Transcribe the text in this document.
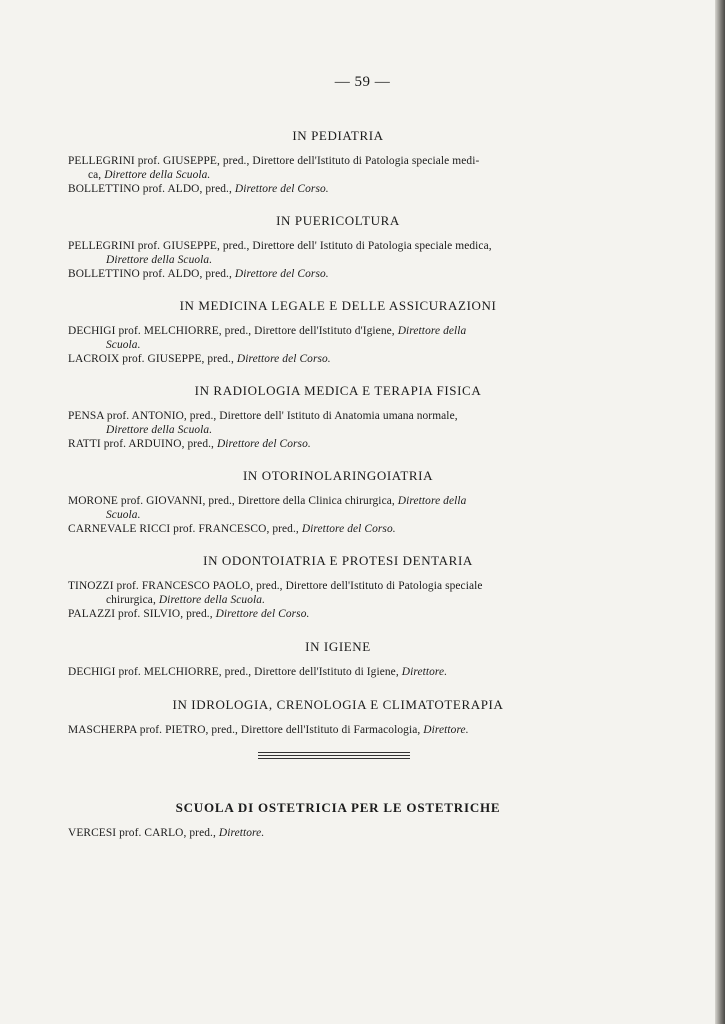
— 59 —
IN PEDIATRIA
PELLEGRINI prof. GIUSEPPE, pred., Direttore dell'Istituto di Patologia speciale medi-
ca, Direttore della Scuola.
BOLLETTINO prof. ALDO, pred., Direttore del Corso.
IN PUERICOLTURA
PELLEGRINI prof. GIUSEPPE, pred., Direttore dell' Istituto di Patologia speciale medica,
Direttore della Scuola.
BOLLETTINO prof. ALDO, pred., Direttore del Corso.
IN MEDICINA LEGALE E DELLE ASSICURAZIONI
DECHIGI prof. MELCHIORRE, pred., Direttore dell'Istituto d'Igiene, Direttore della
Scuola.
LACROIX prof. GIUSEPPE, pred., Direttore del Corso.
IN RADIOLOGIA MEDICA E TERAPIA FISICA
PENSA prof. ANTONIO, pred., Direttore dell' Istituto di Anatomia umana normale,
Direttore della Scuola.
RATTI prof. ARDUINO, pred., Direttore del Corso.
IN OTORINOLARINGOIATRIA
MORONE prof. GIOVANNI, pred., Direttore della Clinica chirurgica, Direttore della
Scuola.
CARNEVALE RICCI prof. FRANCESCO, pred., Direttore del Corso.
IN ODONTOIATRIA E PROTESI DENTARIA
TINOZZI prof. FRANCESCO PAOLO, pred., Direttore dell'Istituto di Patologia speciale
chirurgica, Direttore della Scuola.
PALAZZI prof. SILVIO, pred., Direttore del Corso.
IN IGIENE
DECHIGI prof. MELCHIORRE, pred., Direttore dell'Istituto di Igiene, Direttore.
IN IDROLOGIA, CRENOLOGIA E CLIMATOTERAPIA
MASCHERPA prof. PIETRO, pred., Direttore dell'Istituto di Farmacologia, Direttore.
SCUOLA DI OSTETRICIA PER LE OSTETRICHE
VERCESI prof. CARLO, pred., Direttore.
